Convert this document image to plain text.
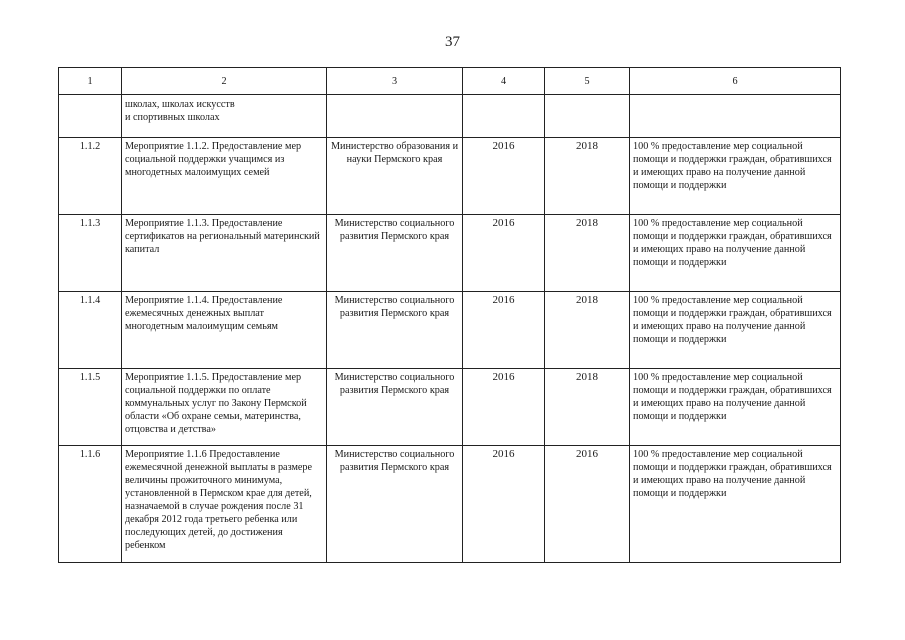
37
1	2	3	4	5	6
	школах, школах искусств
и спортивных школах				
1.1.2	Мероприятие 1.1.2. Предоставление мер социальной поддержки учащимся из многодетных малоимущих семей	Министерство образования и науки Пермского края	2016	2018	100 % предоставление мер социальной помощи и поддержки граждан, обратившихся и имеющих право на получение данной помощи и поддержки
1.1.3	Мероприятие 1.1.3. Предоставление сертификатов на региональный материнский капитал	Министерство социального развития Пермского края	2016	2018	100 % предоставление мер социальной помощи и поддержки граждан, обратившихся и имеющих право на получение данной помощи и поддержки
1.1.4	Мероприятие 1.1.4. Предоставление ежемесячных денежных выплат многодетным малоимущим семьям	Министерство социального развития Пермского края	2016	2018	100 % предоставление мер социальной помощи и поддержки граждан, обратившихся и имеющих право на получение данной помощи и поддержки
1.1.5	Мероприятие 1.1.5. Предоставление мер социальной поддержки по оплате коммунальных услуг по Закону Пермской области «Об охране семьи, материнства, отцовства и детства»	Министерство социального развития Пермского края	2016	2018	100 % предоставление мер социальной помощи и поддержки граждан, обратившихся и имеющих право на получение данной помощи и поддержки
1.1.6	Мероприятие 1.1.6 Предоставление ежемесячной денежной выплаты в размере величины прожиточного минимума, установленной в Пермском крае для детей, назначаемой в случае рождения после 31 декабря 2012 года третьего ребенка или последующих детей, до достижения ребенком	Министерство социального развития Пермского края	2016	2016	100 % предоставление мер социальной помощи и поддержки граждан, обратившихся и имеющих право на получение данной помощи и поддержки
